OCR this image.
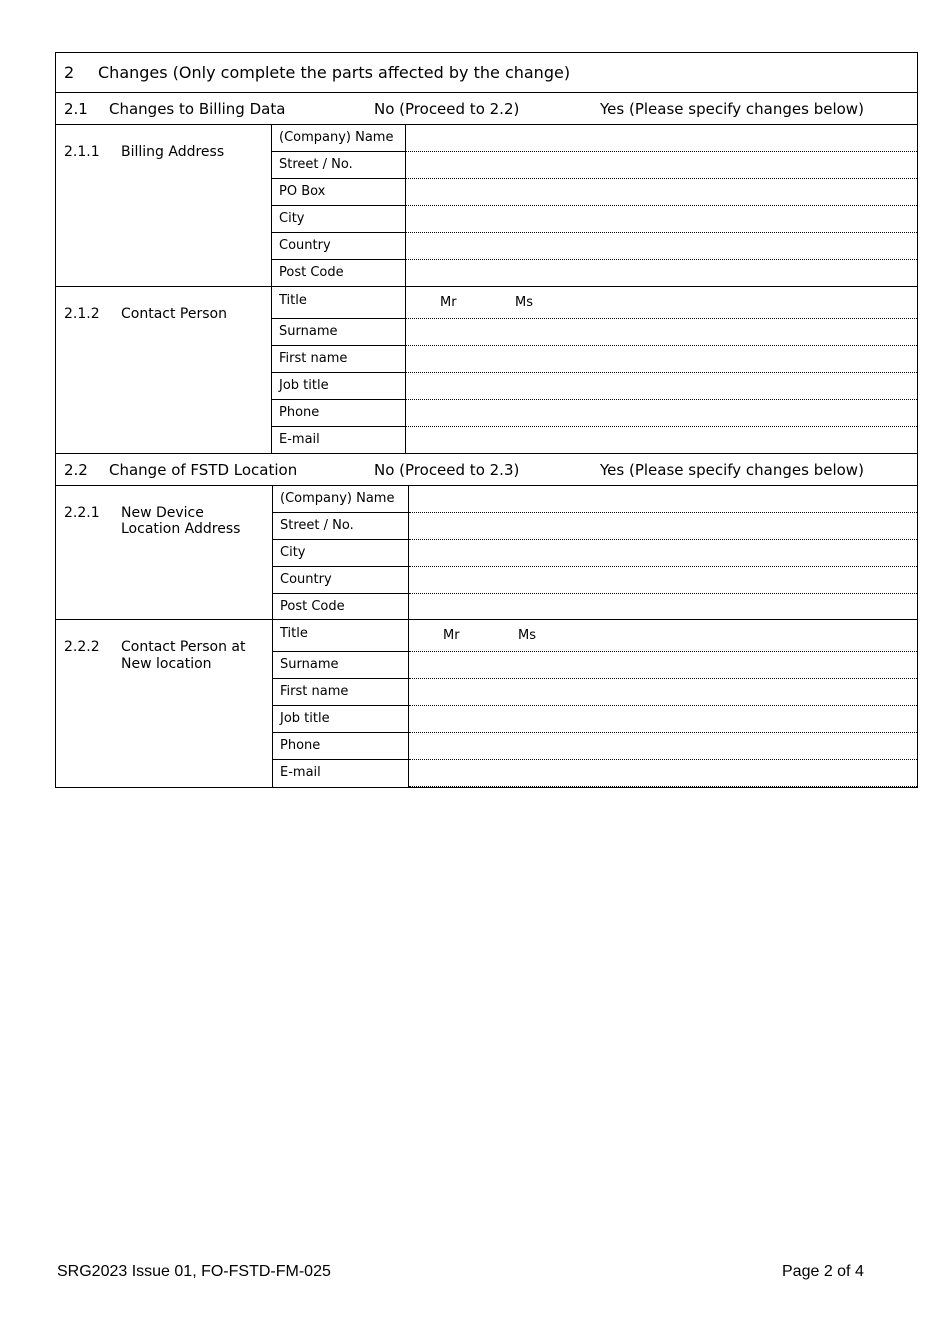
2 Changes (Only complete the parts affected by the change)
2.1 Changes to Billing Data	No (Proceed to 2.2)	Yes (Please specify changes below)
2.1.1 Billing Address
(Company) Name
Street / No.
PO Box
City
Country
Post Code
2.1.2 Contact Person
Title	Mr	Ms
Surname
First name
Job title
Phone
E-mail
2.2 Change of FSTD Location	No (Proceed to 2.3)	Yes (Please specify changes below)
2.2.1 New Device
Location Address
(Company) Name
Street / No.
City
Country
Post Code
2.2.2 Contact Person at
New location
Title	Mr	Ms
Surname
First name
Job title
Phone
E-mail
SRG2023 Issue 01, FO-FSTD-FM-025	Page 2 of 4
